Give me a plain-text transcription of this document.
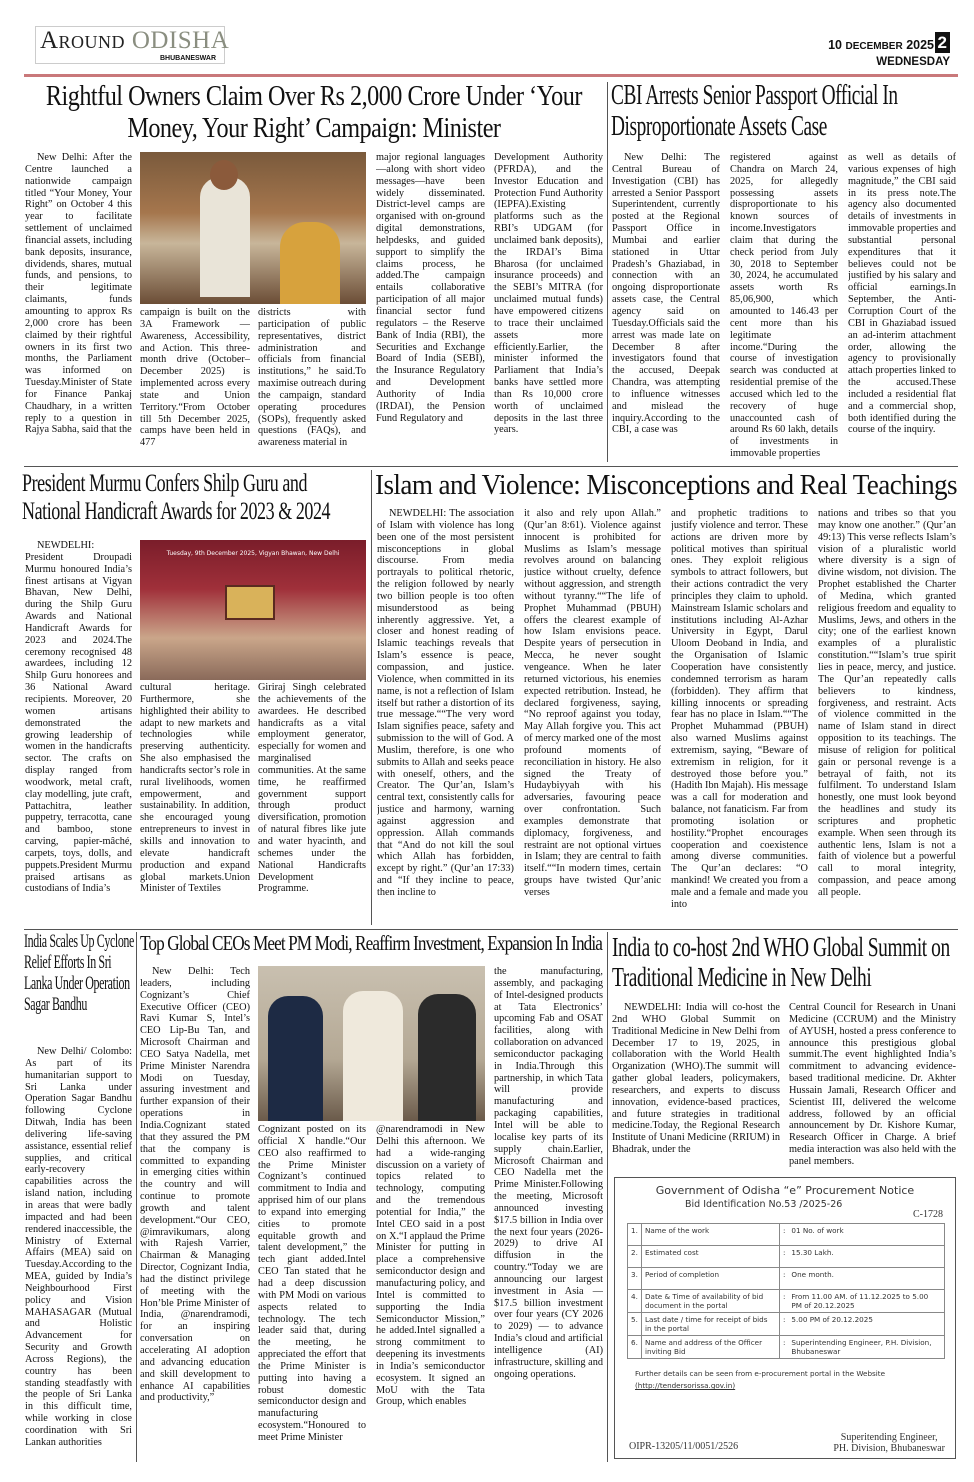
Around ODISHA
BHUBANESWAR
10 DECEMBER 2025 2
WEDNESDAY
Rightful Owners Claim Over Rs 2,000 Crore Under ‘Your Money, Your Right’ Campaign: Minister
New Delhi: After the Centre launched a nationwide campaign titled “Your Money, Your Right” on October 4 this year to facilitate settlement of unclaimed financial assets, including bank deposits, insurance, dividends, shares, mutual funds, and pensions, to their legitimate claimants, funds amounting to approx Rs 2,000 crore has been claimed by their rightful owners in its first two months, the Parliament was informed on Tuesday.Minister of State for Finance Pankaj Chaudhary, in a written reply to a question in Rajya Sabha, said that the
campaign is built on the 3A Framework — Awareness, Accessibility, and Action. This three-month drive (October–December 2025) is implemented across every state and Union Territory.“From October till 5th December 2025, camps have been held in 477
districts with participation of public representatives, district administration and officials from financial institutions,” he said.To maximise outreach during the campaign, standard operating procedures (SOPs), frequently asked questions (FAQs), and awareness material in
major regional languages—along with short video messages—have been widely disseminated. District-level camps are organised with on-ground digital demonstrations, helpdesks, and guided support to simplify the claims process, he added.The campaign entails collaborative participation of all major financial sector fund regulators – the Reserve Bank of India (RBI), the Securities and Exchange Board of India (SEBI), the Insurance Regulatory and Development Authority of India (IRDAI), the Pension Fund Regulatory and
Development Authority (PFRDA), and the Investor Education and Protection Fund Authority (IEPFA).Existing platforms such as the RBI’s UDGAM (for unclaimed bank deposits), the IRDAI’s Bima Bharosa (for unclaimed insurance proceeds) and the SEBI’s MITRA (for unclaimed mutual funds) have empowered citizens to trace their unclaimed assets more efficiently.Earlier, the minister informed the Parliament that India’s banks have settled more than Rs 10,000 crore worth of unclaimed deposits in the last three years.
CBI Arrests Senior Passport Official In Disproportionate Assets Case
New Delhi: The Central Bureau of Investigation (CBI) has arrested a Senior Passport Superintendent, currently posted at the Regional Passport Office in Mumbai and earlier stationed in Uttar Pradesh’s Ghaziabad, in connection with an ongoing disproportionate assets case, the Central agency said on Tuesday.Officials said the arrest was made late on December 8 after investigators found that the accused, Deepak Chandra, was attempting to influence witnesses and mislead the inquiry.According to the CBI, a case was
registered against Chandra on March 24, 2025, for allegedly possessing assets disproportionate to his known sources of income.Investigators claim that during the check period from July 30, 2018 to September 30, 2024, he accumulated assets worth Rs 85,06,900, which amounted to 146.43 per cent more than his legitimate income.“During the course of investigation search was conducted at residential premise of the accused which led to the recovery of huge unaccounted cash of around Rs 60 lakh, details of investments in immovable properties
as well as details of various expenses of high magnitude,” the CBI said in its press note.The agency also documented details of investments in immovable properties and substantial personal expenditures that it believes could not be justified by his salary and official earnings.In September, the Anti-Corruption Court of the CBI in Ghaziabad issued an ad-interim attachment order, allowing the agency to provisionally attach properties linked to the accused.These included a residential flat and a commercial shop, both identified during the course of the inquiry.
President Murmu Confers Shilp Guru and National Handicraft Awards for 2023 & 2024
NEWDELHI: President Droupadi Murmu honoured India’s finest artisans at Vigyan Bhavan, New Delhi, during the Shilp Guru Awards and National Handicraft Awards for 2023 and 2024.The ceremony recognised 48 awardees, including 12 Shilp Guru honorees and 36 National Award recipients. Moreover, 20 women artisans demonstrated the growing leadership of women in the handicrafts sector. The crafts on display ranged from woodwork, metal craft, clay modelling, jute craft, Pattachitra, leather puppetry, terracotta, cane and bamboo, stone carving, papier-mâché, carpets, toys, dolls, and puppets.President Murmu praised artisans as custodians of India’s
Tuesday, 9th December 2025, Vigyan Bhawan, New Delhi
cultural heritage. Furthermore, she highlighted their ability to adapt to new markets and technologies while preserving authenticity. She also emphasised the handicrafts sector’s role in rural livelihoods, women empowerment, and sustainability. In addition, she encouraged young entrepreneurs to invest in skills and innovation to elevate handicraft production and expand global markets.Union Minister of Textiles
Giriraj Singh celebrated the achievements of the awardees. He described handicrafts as a vital employment generator, especially for women and marginalised communities. At the same time, he reaffirmed government support through product diversification, promotion of natural fibres like jute and water hyacinth, and schemes under the National Handicrafts Development Programme.
Islam and Violence: Misconceptions and Real Teachings
NEWDELHI: The association of Islam with violence has long been one of the most persistent misconceptions in global discourse. From media portrayals to political rhetoric, the religion followed by nearly two billion people is too often misunderstood as being inherently aggressive. Yet, a closer and honest reading of Islamic teachings reveals that Islam’s essence is peace, compassion, and justice. Violence, when committed in its name, is not a reflection of Islam itself but rather a distortion of its true message.““The very word Islam signifies peace, safety and submission to the will of God. A Muslim, therefore, is one who submits to Allah and seeks peace with oneself, others, and the Creator. The Qur’an, Islam’s central text, consistently calls for justice and harmony, warning against aggression and oppression. Allah commands that “And do not kill the soul which Allah has forbidden, except by right.” (Qur’an 17:33) and “If they incline to peace, then incline to
it also and rely upon Allah.” (Qur’an 8:61). Violence against innocent is prohibited for Muslims as Islam’s message revolves around on balancing justice without cruelty, defence without aggression, and strength without tyranny.““The life of Prophet Muhammad (PBUH) offers the clearest example of how Islam envisions peace. Despite years of persecution in Mecca, he never sought vengeance. When he later returned victorious, his enemies expected retribution. Instead, he declared forgiveness, saying, “No reproof against you today, May Allah forgive you. This act of mercy marked one of the most profound moments of reconciliation in history. He also signed the Treaty of Hudaybiyyah with his adversaries, favouring peace over confrontation. Such examples demonstrate that diplomacy, forgiveness, and restraint are not optional virtues in Islam; they are central to faith itself.““In modern times, certain groups have twisted Qur’anic verses
and prophetic traditions to justify violence and terror. These actions are driven more by political motives than spiritual ones. They exploit religious symbols to attract followers, but their actions contradict the very principles they claim to uphold. Mainstream Islamic scholars and institutions including Al-Azhar University in Egypt, Darul Uloom Deoband in India, and the Organisation of Islamic Cooperation have consistently condemned terrorism as haram (forbidden). They affirm that killing innocents or spreading fear has no place in Islam.““The Prophet Muhammad (PBUH) also warned Muslims against extremism, saying, “Beware of extremism in religion, for it destroyed those before you.” (Hadith Ibn Majah). His message was a call for moderation and balance, not fanaticism. Far from promoting isolation or hostility.“Prophet encourages cooperation and coexistence among diverse communities. The Qur’an declares: “O mankind! We created you from a male and a female and made you into
nations and tribes so that you may know one another.” (Qur’an 49:13) This verse reflects Islam’s vision of a pluralistic world where diversity is a sign of divine wisdom, not division. The Prophet established the Charter of Medina, which granted religious freedom and equality to Muslims, Jews, and others in the city; one of the earliest known examples of a pluralistic constitution.““Islam’s true spirit lies in peace, mercy, and justice. The Qur’an repeatedly calls believers to kindness, forgiveness, and restraint. Acts of violence committed in the name of Islam stand in direct opposition to its teachings. The misuse of religion for political gain or personal revenge is a betrayal of faith, not its fulfilment. To understand Islam honestly, one must look beyond the headlines and study its scriptures and prophetic example. When seen through its authentic lens, Islam is not a faith of violence but a powerful call to moral integrity, compassion, and peace among all people.
India Scales Up Cyclone Relief Efforts In Sri Lanka Under Operation Sagar Bandhu
New Delhi/ Colombo: As part of its humanitarian support to Sri Lanka under Operation Sagar Bandhu following Cyclone Ditwah, India has been delivering life-saving assistance, essential relief supplies, and critical early-recovery capabilities across the island nation, including in areas that were badly impacted and had been rendered inaccessible, the Ministry of External Affairs (MEA) said on Tuesday.According to the MEA, guided by India’s Neighbourhood First policy and Vision MAHASAGAR (Mutual and Holistic Advancement for Security and Growth Across Regions), the country has been standing steadfastly with the people of Sri Lanka in this difficult time, while working in close coordination with Sri Lankan authorities
Top Global CEOs Meet PM Modi, Reaffirm Investment, Expansion In India
New Delhi: Tech leaders, including Cognizant’s Chief Executive Officer (CEO) Ravi Kumar S, Intel’s CEO Lip-Bu Tan, and Microsoft Chairman and CEO Satya Nadella, met Prime Minister Narendra Modi on Tuesday, assuring investment and further expansion of their operations in India.Cognizant stated that they assured the PM that the company is committed to expanding in emerging cities within the country and will continue to promote growth and talent development.“Our CEO, @imravikumars, along with Rajesh Varrier, Chairman & Managing Director, Cognizant India, had the distinct privilege of meeting with the Hon’ble Prime Minister of India, @narendramodi, for an inspiring conversation on accelerating AI adoption and advancing education and skill development to enhance AI capabilities and productivity,”
Cognizant posted on its official X handle.“Our CEO also reaffirmed to the Prime Minister Cognizant’s continued commitment to India and apprised him of our plans to expand into emerging cities to promote equitable growth and talent development,” the tech giant added.Intel CEO Tan stated that he had a deep discussion with PM Modi on various aspects related to technology. The tech leader said that, during the meeting, he appreciated the effort that the Prime Minister is putting into having a robust domestic semiconductor design and manufacturing ecosystem.“Honoured to meet Prime Minister
@narendramodi in New Delhi this afternoon. We had a wide-ranging discussion on a variety of topics related to technology, computing and the tremendous potential for India,” the Intel CEO said in a post on X.“I applaud the Prime Minister for putting in place a comprehensive semiconductor design and manufacturing policy, and Intel is committed to supporting the India Semiconductor Mission,” he added.Intel signalled a strong commitment to deepening its investments in India’s semiconductor ecosystem. It signed an MoU with the Tata Group, which enables
the manufacturing, assembly, and packaging of Intel-designed products at Tata Electronics’ upcoming Fab and OSAT facilities, along with collaboration on advanced semiconductor packaging in India.Through this partnership, in which Tata will provide manufacturing and packaging capabilities, Intel will be able to localise key parts of its supply chain.Earlier, Microsoft Chairman and CEO Nadella met the Prime Minister.Following the meeting, Microsoft announced investing $17.5 billion in India over the next four years (2026-2029) to drive AI diffusion in the country.“Today we are announcing our largest investment in Asia — $17.5 billion investment over four years (CY 2026 to 2029) — to advance India’s cloud and artificial intelligence (AI) infrastructure, skilling and ongoing operations.
India to co-host 2nd WHO Global Summit on Traditional Medicine in New Delhi
NEWDELHI: India will co-host the 2nd WHO Global Summit on Traditional Medicine in New Delhi from December 17 to 19, 2025, in collaboration with the World Health Organization (WHO).The summit will gather global leaders, policymakers, researchers, and experts to discuss innovation, evidence-based practices, and future strategies in traditional medicine.Today, the Regional Research Institute of Unani Medicine (RRIUM) in Bhadrak, under the
Central Council for Research in Unani Medicine (CCRUM) and the Ministry of AYUSH, hosted a press conference to announce this prestigious global summit.The event highlighted India’s commitment to advancing evidence-based traditional medicine. Dr. Akhter Hussain Jamali, Research Officer and Scientist III, delivered the welcome address, followed by an official announcement by Dr. Kishore Kumar, Research Officer in Charge. A brief media interaction was also held with the panel members.
Government of Odisha “e” Procurement Notice
Bid Identification No.53 /2025-26
C-1728
1.	Name of the work	:	01 No. of work
2.	Estimated cost	:	15.30 Lakh.
3.	Period of completion	:	One month.
4.	Date & Time of availability of bid document in the portal	:	From 11.00 AM. of 11.12.2025 to 5.00 PM of 20.12.2025
5.	Last date / time for receipt of bids in the portal	:	5.00 PM of 20.12.2025
6.	Name and address of the Officer inviting Bid	:	Superintending Engineer, P.H. Division, Bhubaneswar
Further details can be seen from e-procurement portal in the Website
(http://tendersorissa.gov.in)
OIPR-13205/11/0051/2526
Superitending Engineer,
PH. Division, Bhubaneswar
